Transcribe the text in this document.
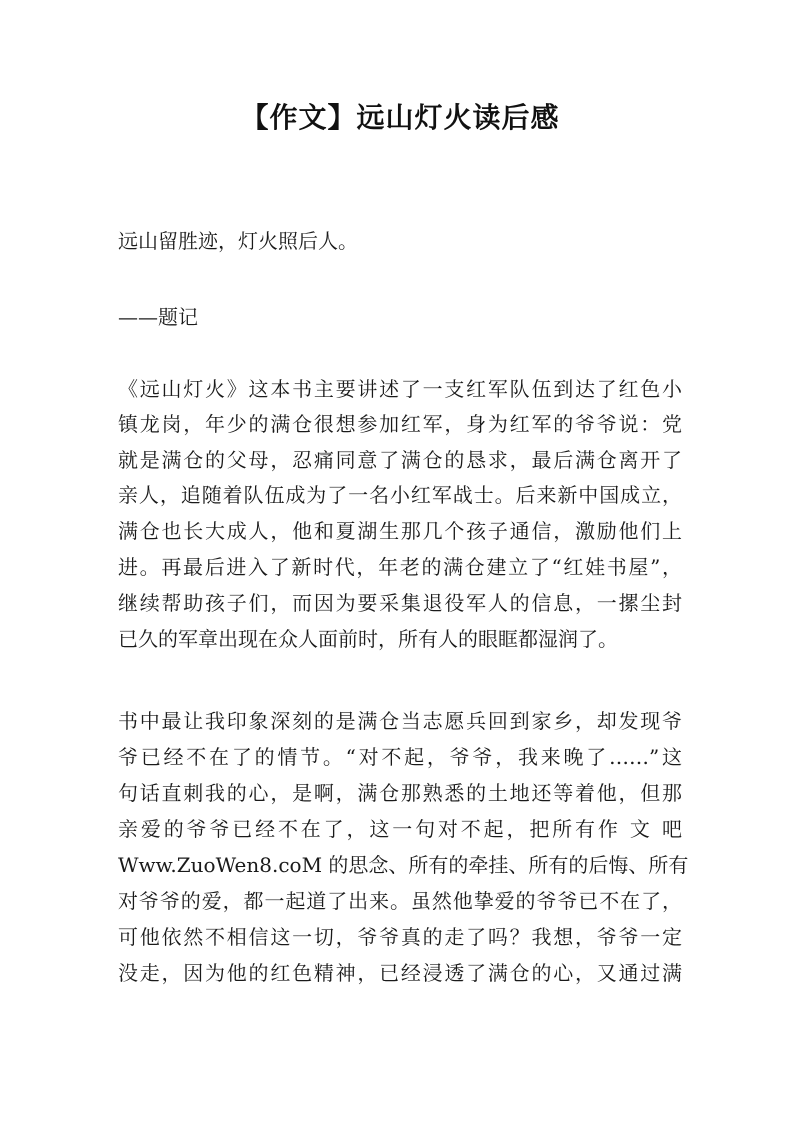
【作文】远山灯火读后感
远山留胜迹，灯火照后人。
——题记
《远山灯火》这本书主要讲述了一支红军队伍到达了红色小
镇龙岗，年少的满仓很想参加红军，身为红军的爷爷说：党
就是满仓的父母，忍痛同意了满仓的恳求，最后满仓离开了
亲人，追随着队伍成为了一名小红军战士。后来新中国成立，
满仓也长大成人，他和夏湖生那几个孩子通信，激励他们上
进。再最后进入了新时代，年老的满仓建立了“红娃书屋”，
继续帮助孩子们，而因为要采集退役军人的信息，一摞尘封
已久的军章出现在众人面前时，所有人的眼眶都湿润了。
书中最让我印象深刻的是满仓当志愿兵回到家乡，却发现爷
爷已经不在了的情节。“对不起，爷爷，我来晚了……”这
句话直刺我的心，是啊，满仓那熟悉的土地还等着他，但那
亲爱的爷爷已经不在了，这一句对不起，把所有作 文 吧
Www.ZuoWen8.coM 的思念、所有的牵挂、所有的后悔、所有
对爷爷的爱，都一起道了出来。虽然他挚爱的爷爷已不在了，
可他依然不相信这一切，爷爷真的走了吗？我想，爷爷一定
没走，因为他的红色精神，已经浸透了满仓的心，又通过满
